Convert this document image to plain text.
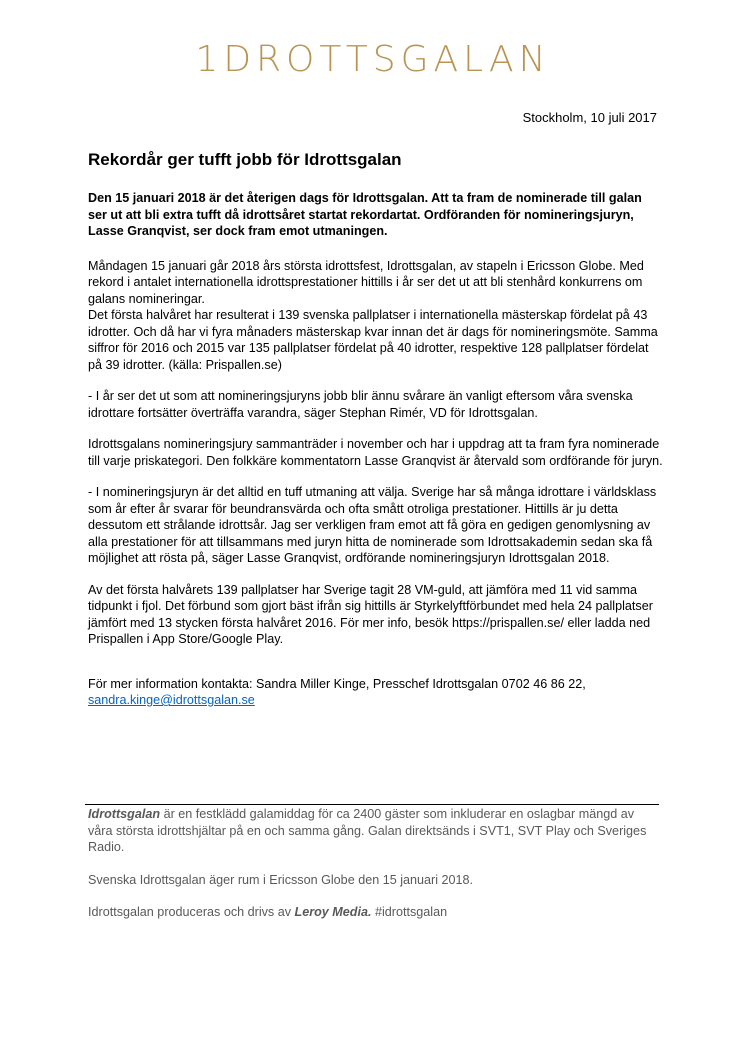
1DROTTSGALAN
Stockholm, 10 juli 2017
Rekordår ger tufft jobb för Idrottsgalan

Den 15 januari 2018 är det återigen dags för Idrottsgalan. Att ta fram de nominerade till galan ser ut att bli extra tufft då idrottsåret startat rekordartat. Ordföranden för nomineringsjuryn, Lasse Granqvist, ser dock fram emot utmaningen.

Måndagen 15 januari går 2018 års största idrottsfest, Idrottsgalan, av stapeln i Ericsson Globe. Med rekord i antalet internationella idrottsprestationer hittills i år ser det ut att bli stenhård konkurrens om galans nomineringar.
Det första halvåret har resulterat i 139 svenska pallplatser i internationella mästerskap fördelat på 43 idrotter. Och då har vi fyra månaders mästerskap kvar innan det är dags för nomineringsmöte. Samma siffror för 2016 och 2015 var 135 pallplatser fördelat på 40 idrotter, respektive 128 pallplatser fördelat på 39 idrotter. (källa: Prispallen.se)

- I år ser det ut som att nomineringsjuryns jobb blir ännu svårare än vanligt eftersom våra svenska idrottare fortsätter överträffa varandra, säger Stephan Rimér, VD för Idrottsgalan.

Idrottsgalans nomineringsjury sammanträder i november och har i uppdrag att ta fram fyra nominerade till varje priskategori. Den folkkäre kommentatorn Lasse Granqvist är återvald som ordförande för juryn.

- I nomineringsjuryn är det alltid en tuff utmaning att välja. Sverige har så många idrottare i världsklass som år efter år svarar för beundransvärda och ofta smått otroliga prestationer. Hittills är ju detta dessutom ett strålande idrottsår. Jag ser verkligen fram emot att få göra en gedigen genomlysning av alla prestationer för att tillsammans med juryn hitta de nominerade som Idrottsakademin sedan ska få möjlighet att rösta på, säger Lasse Granqvist, ordförande nomineringsjuryn Idrottsgalan 2018.

Av det första halvårets 139 pallplatser har Sverige tagit 28 VM-guld, att jämföra med 11 vid samma tidpunkt i fjol. Det förbund som gjort bäst ifrån sig hittills är Styrkelyftförbundet med hela 24 pallplatser jämfört med 13 stycken första halvåret 2016. För mer info, besök https://prispallen.se/ eller ladda ned Prispallen i App Store/Google Play.

För mer information kontakta: Sandra Miller Kinge, Presschef Idrottsgalan 0702 46 86 22,
sandra.kinge@idrottsgalan.se

Idrottsgalan är en festklädd galamiddag för ca 2400 gäster som inkluderar en oslagbar mängd av våra största idrottshjältar på en och samma gång. Galan direktsänds i SVT1, SVT Play och Sveriges Radio.

Svenska Idrottsgalan äger rum i Ericsson Globe den 15 januari 2018.

Idrottsgalan produceras och drivs av Leroy Media. #idrottsgalan
